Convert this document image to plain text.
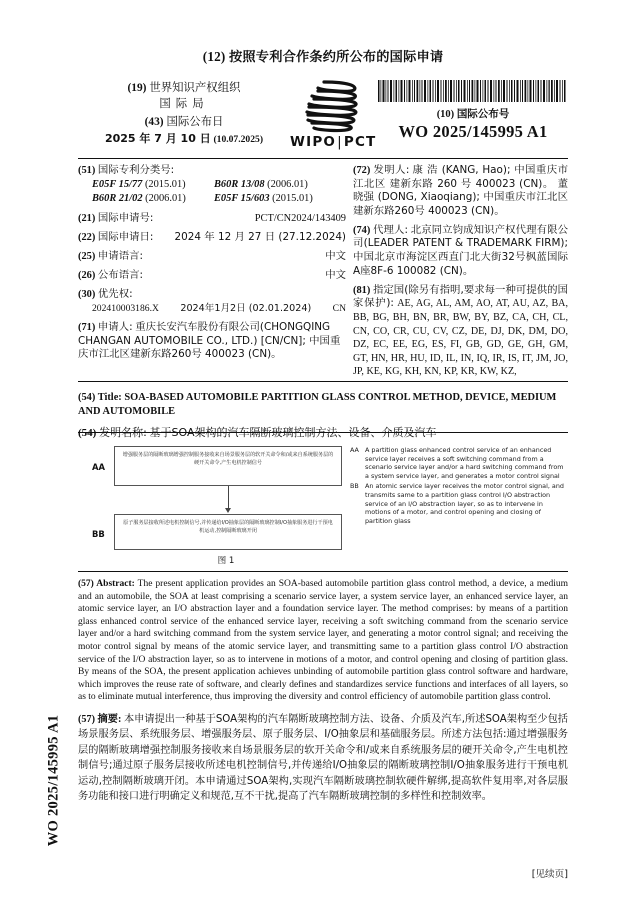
(12) 按照专利合作条约所公布的国际申请
(19) 世界知识产权组织
国际局
(43) 国际公布日
2025 年 7 月 10 日 (10.07.2025)	WIPO|PCT
(10) 国际公布号
WO 2025/145995 A1
(51) 国际专利分类号:
E05F 15/77 (2015.01)	B60R 13/08 (2006.01)
B60R 21/02 (2006.01)	E05F 15/603 (2015.01)
(21) 国际申请号:	PCT/CN2024/143409
(22) 国际申请日: 2024 年 12 月 27 日 (27.12.2024)
(25) 申请语言:	中文
(26) 公布语言:	中文
(30) 优先权:
202410003186.X 2024年1月2日 (02.01.2024) CN
(71) 申请人: 重庆长安汽车股份有限公司(CHONGQING CHANGAN AUTOMOBILE CO., LTD.) [CN/CN]; 中国重庆市江北区建新东路260号 400023 (CN)。
(72) 发明人: 康 浩 (KANG, Hao); 中国重庆市江北区 建新东路 260 号 400023 (CN)。 董晓强 (DONG, Xiaoqiang); 中国重庆市江北区建新东路260号 400023 (CN)。
(74) 代理人: 北京同立钧成知识产权代理有限公司(LEADER PATENT & TRADEMARK FIRM); 中国北京市海淀区西直门北大街32号枫蓝国际A座8F-6 100082 (CN)。
(81) 指定国(除另有指明,要求每一种可提供的国家保护): AE, AG, AL, AM, AO, AT, AU, AZ, BA, BB, BG, BH, BN, BR, BW, BY, BZ, CA, CH, CL, CN, CO, CR, CU, CV, CZ, DE, DJ, DK, DM, DO, DZ, EC, EE, EG, ES, FI, GB, GD, GE, GH, GM, GT, HN, HR, HU, ID, IL, IN, IQ, IR, IS, IT, JM, JO, JP, KE, KG, KH, KN, KP, KR, KW, KZ,
(54) Title: SOA-BASED AUTOMOBILE PARTITION GLASS CONTROL METHOD, DEVICE, MEDIUM AND AUTOMOBILE
(54) 发明名称: 基于SOA架构的汽车隔断玻璃控制方法、设备、介质及汽车
AA
增强服务层的隔断玻璃增强控制服务接收来自场景服务层的软开关命令和/或来自系统服务层的硬开关命令,产生电机控制信号
BB
原子服务层接收所述电机控制信号,并传递给I/O抽象层的隔断玻璃控制I/O抽象服务进行干预电机运动,控制隔断玻璃开闭
图 1
AA A partition glass enhanced control service of an enhanced service layer receives a soft switching command from a scenario service layer and/or a hard switching command from a system service layer, and generates a motor control signal
BB An atomic service layer receives the motor control signal, and transmits same to a partition glass control I/O abstraction service of an I/O abstraction layer, so as to intervene in motions of a motor, and control opening and closing of partition glass
(57) Abstract: The present application provides an SOA-based automobile partition glass control method, a device, a medium and an automobile, the SOA at least comprising a scenario service layer, a system service layer, an enhanced service layer, an atomic service layer, an I/O abstraction layer and a foundation service layer. The method comprises: by means of a partition glass enhanced control service of the enhanced service layer, receiving a soft switching command from the scenario service layer and/or a hard switching command from the system service layer, and generating a motor control signal; and receiving the motor control signal by means of the atomic service layer, and transmitting same to a partition glass control I/O abstraction service of the I/O abstraction layer, so as to intervene in motions of a motor, and control opening and closing of partition glass. By means of the SOA, the present application achieves unbinding of automobile partition glass control software and hardware, which improves the reuse rate of software, and clearly defines and standardizes service functions and interfaces of all layers, so as to eliminate mutual interference, thus improving the diversity and control efficiency of automobile partition glass control.
(57) 摘要: 本申请提出一种基于SOA架构的汽车隔断玻璃控制方法、设备、介质及汽车,所述SOA架构至少包括场景服务层、系统服务层、增强服务层、原子服务层、I/O抽象层和基础服务层。所述方法包括:通过增强服务层的隔断玻璃增强控制服务接收来自场景服务层的软开关命令和/或来自系统服务层的硬开关命令,产生电机控制信号;通过原子服务层接收所述电机控制信号,并传递给I/O抽象层的隔断玻璃控制I/O抽象服务进行干预电机运动,控制隔断玻璃开闭。本申请通过SOA架构,实现汽车隔断玻璃控制软硬件解绑,提高软件复用率,对各层服务功能和接口进行明确定义和规范,互不干扰,提高了汽车隔断玻璃控制的多样性和控制效率。
WO 2025/145995 A1
[见续页]
